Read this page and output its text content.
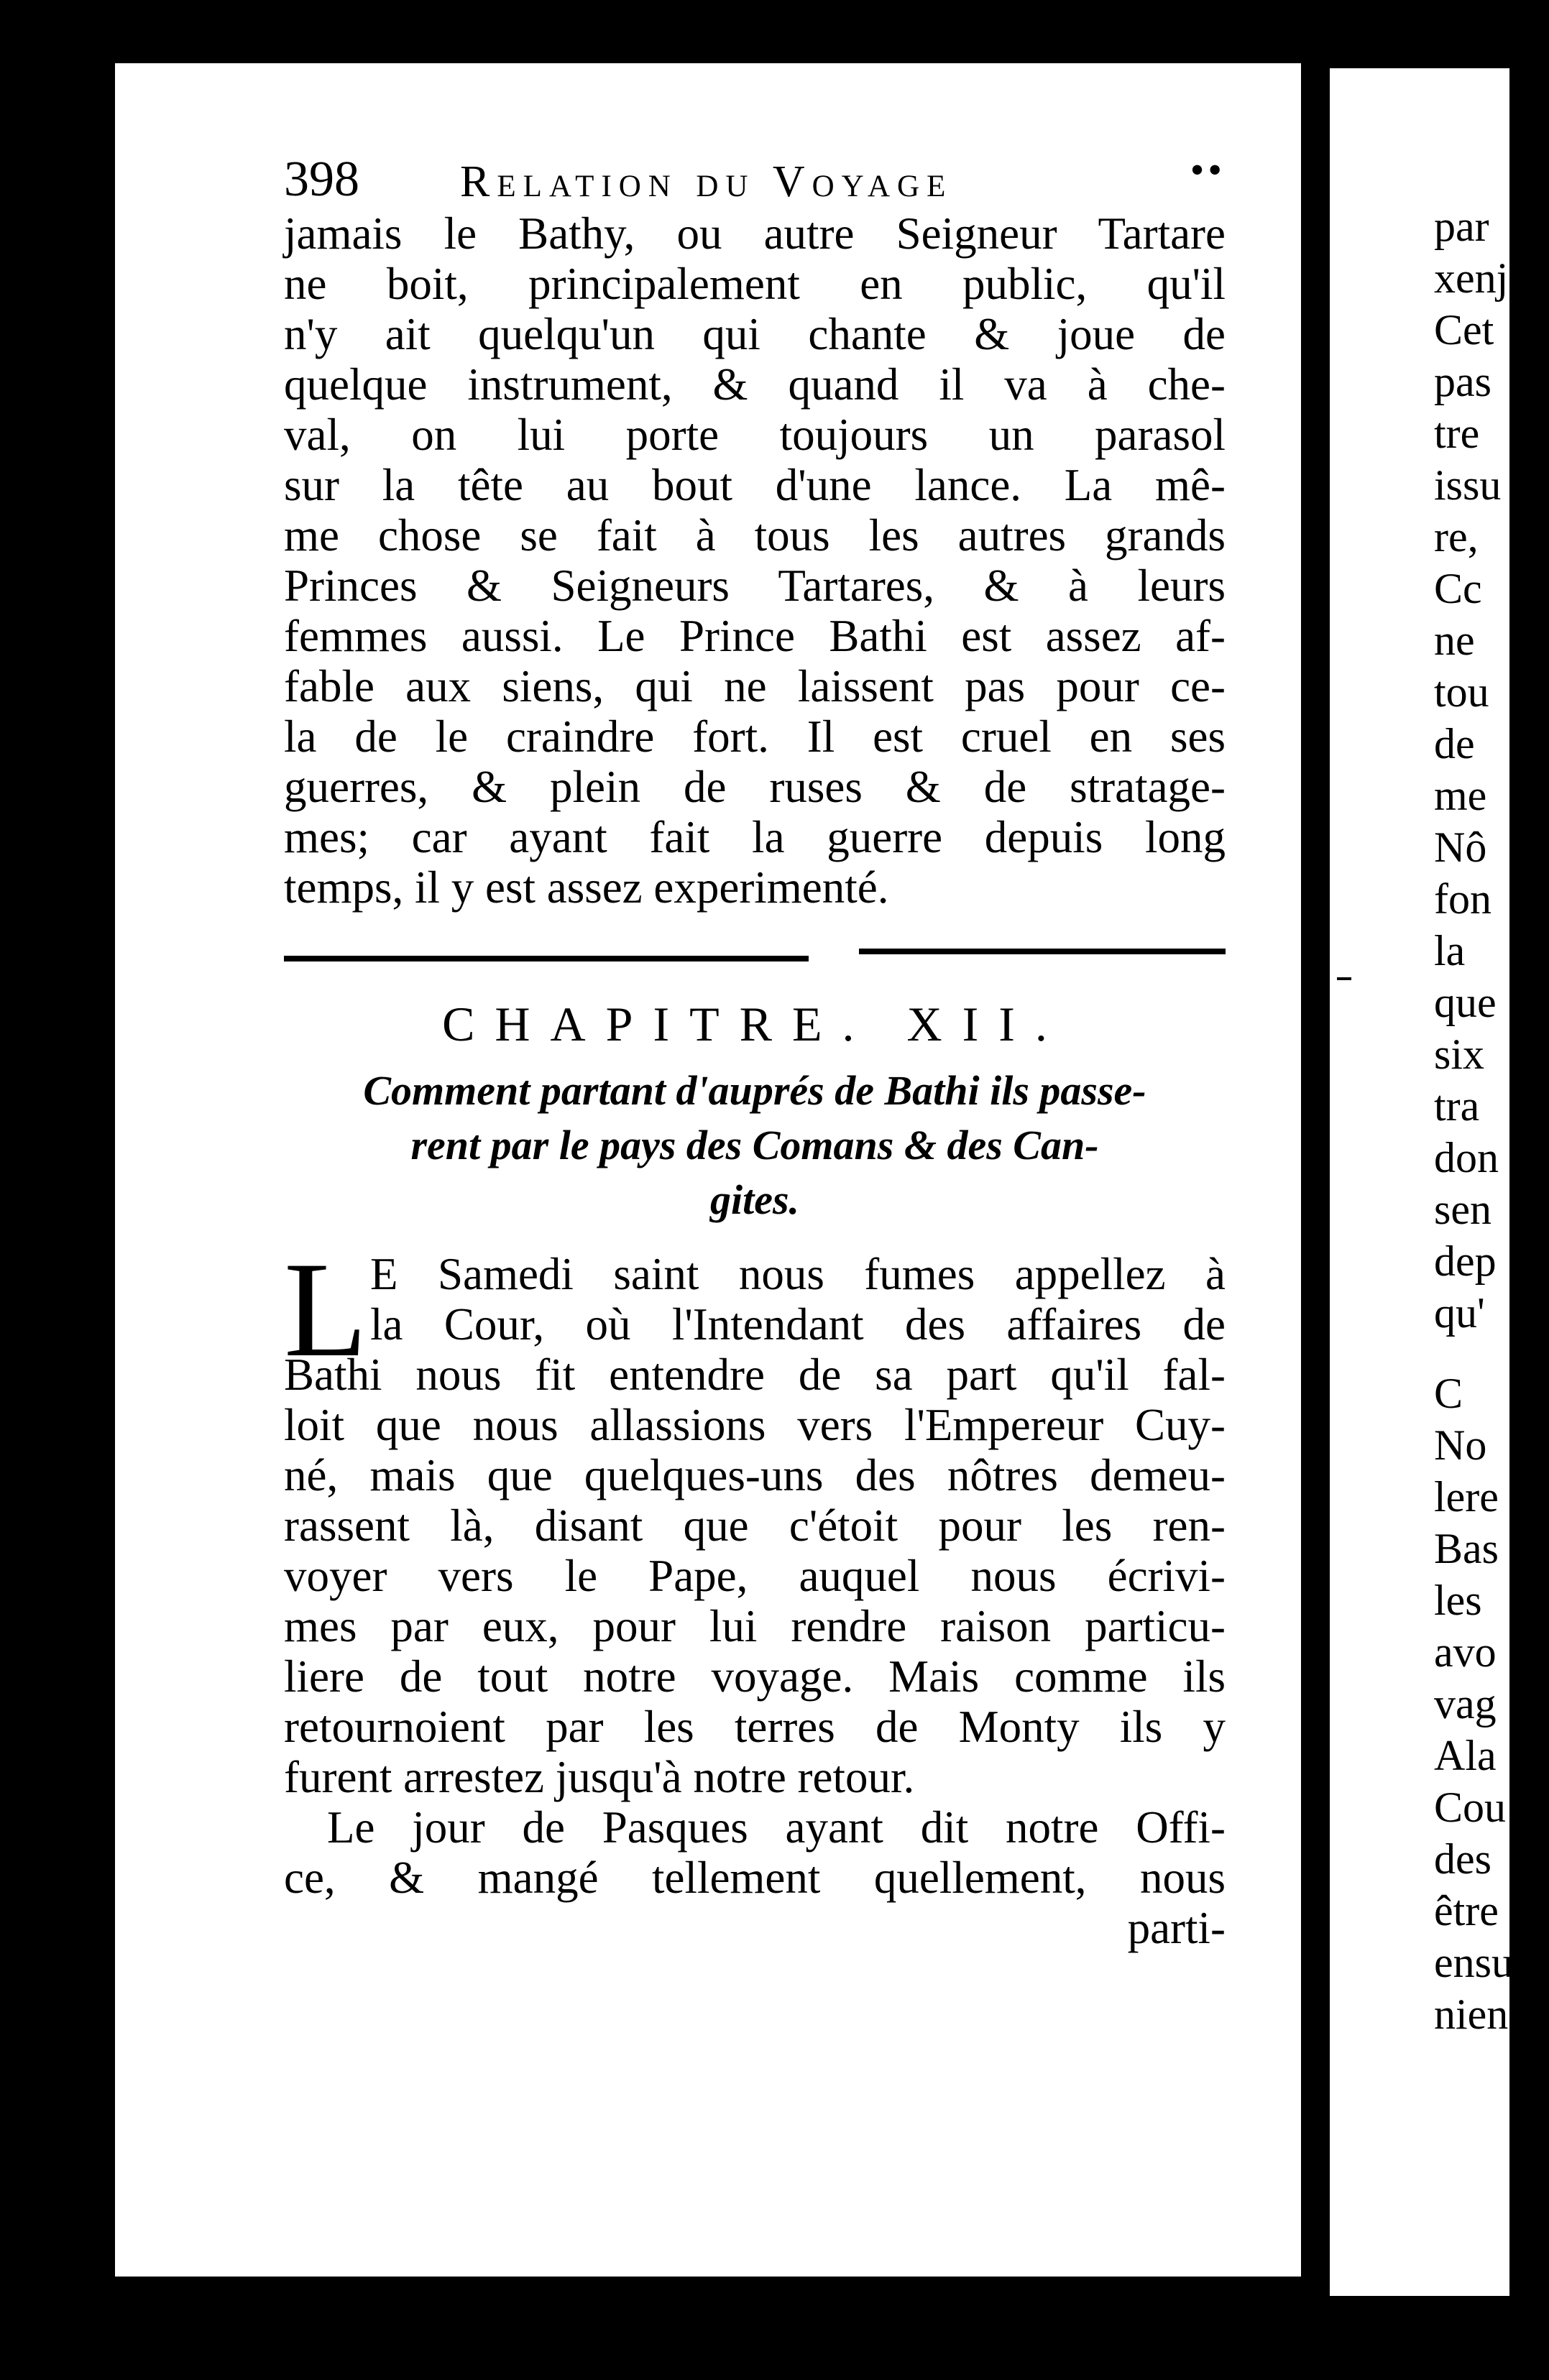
398 Relation du Voyage	••
jamais le Bathy, ou autre Seigneur Tartare
ne boit, principalement en public, qu'il
n'y ait quelqu'un qui chante & joue de
quelque instrument, & quand il va à che-
val, on lui porte toujours un parasol
sur la tête au bout d'une lance. La mê-
me chose se fait à tous les autres grands
Princes & Seigneurs Tartares, & à leurs
femmes aussi. Le Prince Bathi est assez af-
fable aux siens, qui ne laissent pas pour ce-
la de le craindre fort. Il est cruel en ses
guerres, & plein de ruses & de stratage-
mes; car ayant fait la guerre depuis long
temps, il y est assez experimenté.
CHAPITRE. XII.
Comment partant d'auprés de Bathi ils passe-
rent par le pays des Comans & des Can-
gites.
L E Samedi saint nous fumes appellez à
la Cour, où l'Intendant des affaires de
Bathi nous fit entendre de sa part qu'il fal-
loit que nous allassions vers l'Empereur Cuy-
né, mais que quelques-uns des nôtres demeu-
rassent là, disant que c'étoit pour les ren-
voyer vers le Pape, auquel nous écrivi-
mes par eux, pour lui rendre raison particu-
liere de tout notre voyage. Mais comme ils
retournoient par les terres de Monty ils y
furent arrestez jusqu'à notre retour.
Le jour de Pasques ayant dit notre Offi-
ce, & mangé tellement quellement, nous
parti-
par
xenj
Cet
pas
tre
issu
re,
Cc
ne
tou
de
me
Nô
fon
la
que
six
tra
don
sen
dep
qu'
C
No
lere
Bas
les
avo
vag
Ala
Cou
des
être
ensu
nien
